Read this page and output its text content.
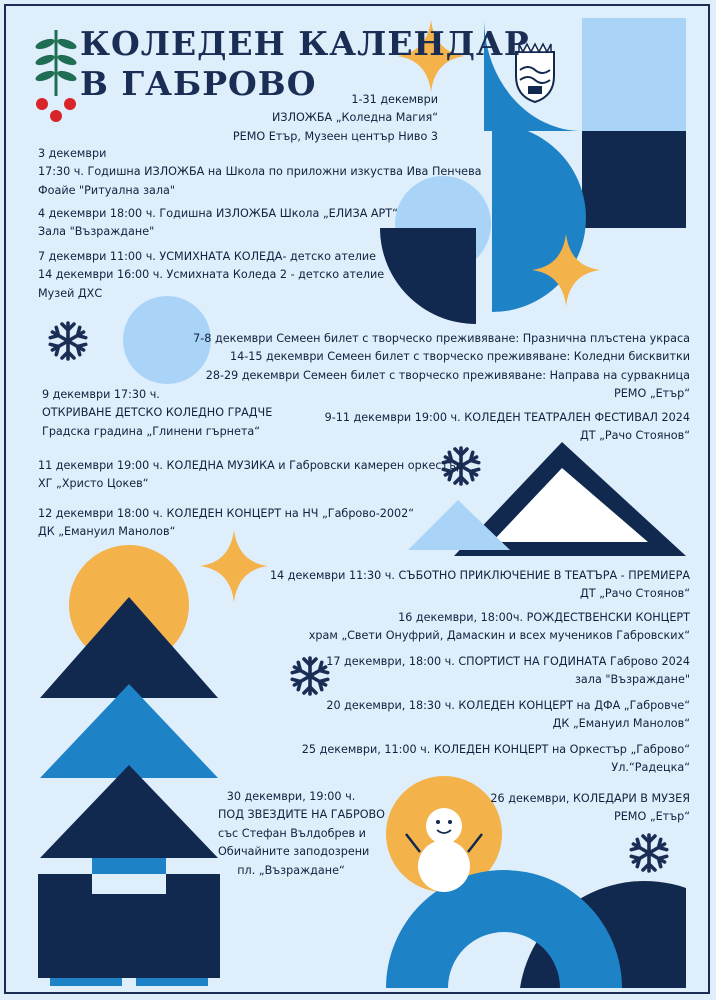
КОЛЕДЕН КАЛЕНДАР
В ГАБРОВО	1-31 декември
ИЗЛОЖБА „Коледна Магия“
РЕМО Етър, Музеен център Ниво 3
3 декември
17:30 ч. Годишна ИЗЛОЖБА на Школа по приложни изкуства Ива Пенчева
Фоайе "Ритуална зала"
4 декември 18:00 ч. Годишна ИЗЛОЖБА Школа „ЕЛИЗА АРТ“
Зала "Възраждане"
7 декември 11:00 ч. УСМИХНАТА КОЛЕДА- детско ателие
14 декември 16:00 ч. Усмихната Коледа 2 - детско ателие
Музей ДХС
7-8 декември Семеен билет с творческо преживяване: Празнична плъстена украса
14-15 декември Семеен билет с творческо преживяване: Коледни бисквитки
28-29 декември Семеен билет с творческо преживяване: Направа на сурвакница
РЕМО „Етър“
9 декември 17:30 ч.
ОТКРИВАНЕ ДЕТСКО КОЛЕДНО ГРАДЧЕ
Градска градина „Глинени гърнета“
9-11 декември 19:00 ч. КОЛЕДЕН ТЕАТРАЛЕН ФЕСТИВАЛ 2024
ДТ „Рачо Стоянов“
11 декември 19:00 ч. КОЛЕДНА МУЗИКА и Габровски камерен оркестър
ХГ „Христо Цокев“
12 декември 18:00 ч. КОЛЕДЕН КОНЦЕРТ на НЧ „Габрово-2002“
ДК „Емануил Манолов“
14 декември 11:30 ч. СЪБОТНО ПРИКЛЮЧЕНИЕ В ТЕАТЪРА - ПРЕМИЕРА
ДТ „Рачо Стоянов“
16 декември, 18:00ч. РОЖДЕСТВЕНСКИ КОНЦЕРТ
храм „Свети Онуфрий, Дамаскин и всех мучеников Габровских“
17 декември, 18:00 ч. СПОРТИСТ НА ГОДИНАТА Габрово 2024
зала "Възраждане"
20 декември, 18:30 ч. КОЛЕДЕН КОНЦЕРТ на ДФА „Габровче“
ДК „Емануил Манолов“
25 декември, 11:00 ч. КОЛЕДЕН КОНЦЕРТ на Оркестър „Габрово“
Ул.“Радецка“
30 декември, 19:00 ч.
ПОД ЗВЕЗДИТЕ НА ГАБРОВО
със Стефан Вълдобрев и
Обичайните заподозрени
пл. „Възраждане“
26 декември, КОЛЕДАРИ В МУЗЕЯ
РЕМО „Етър“
